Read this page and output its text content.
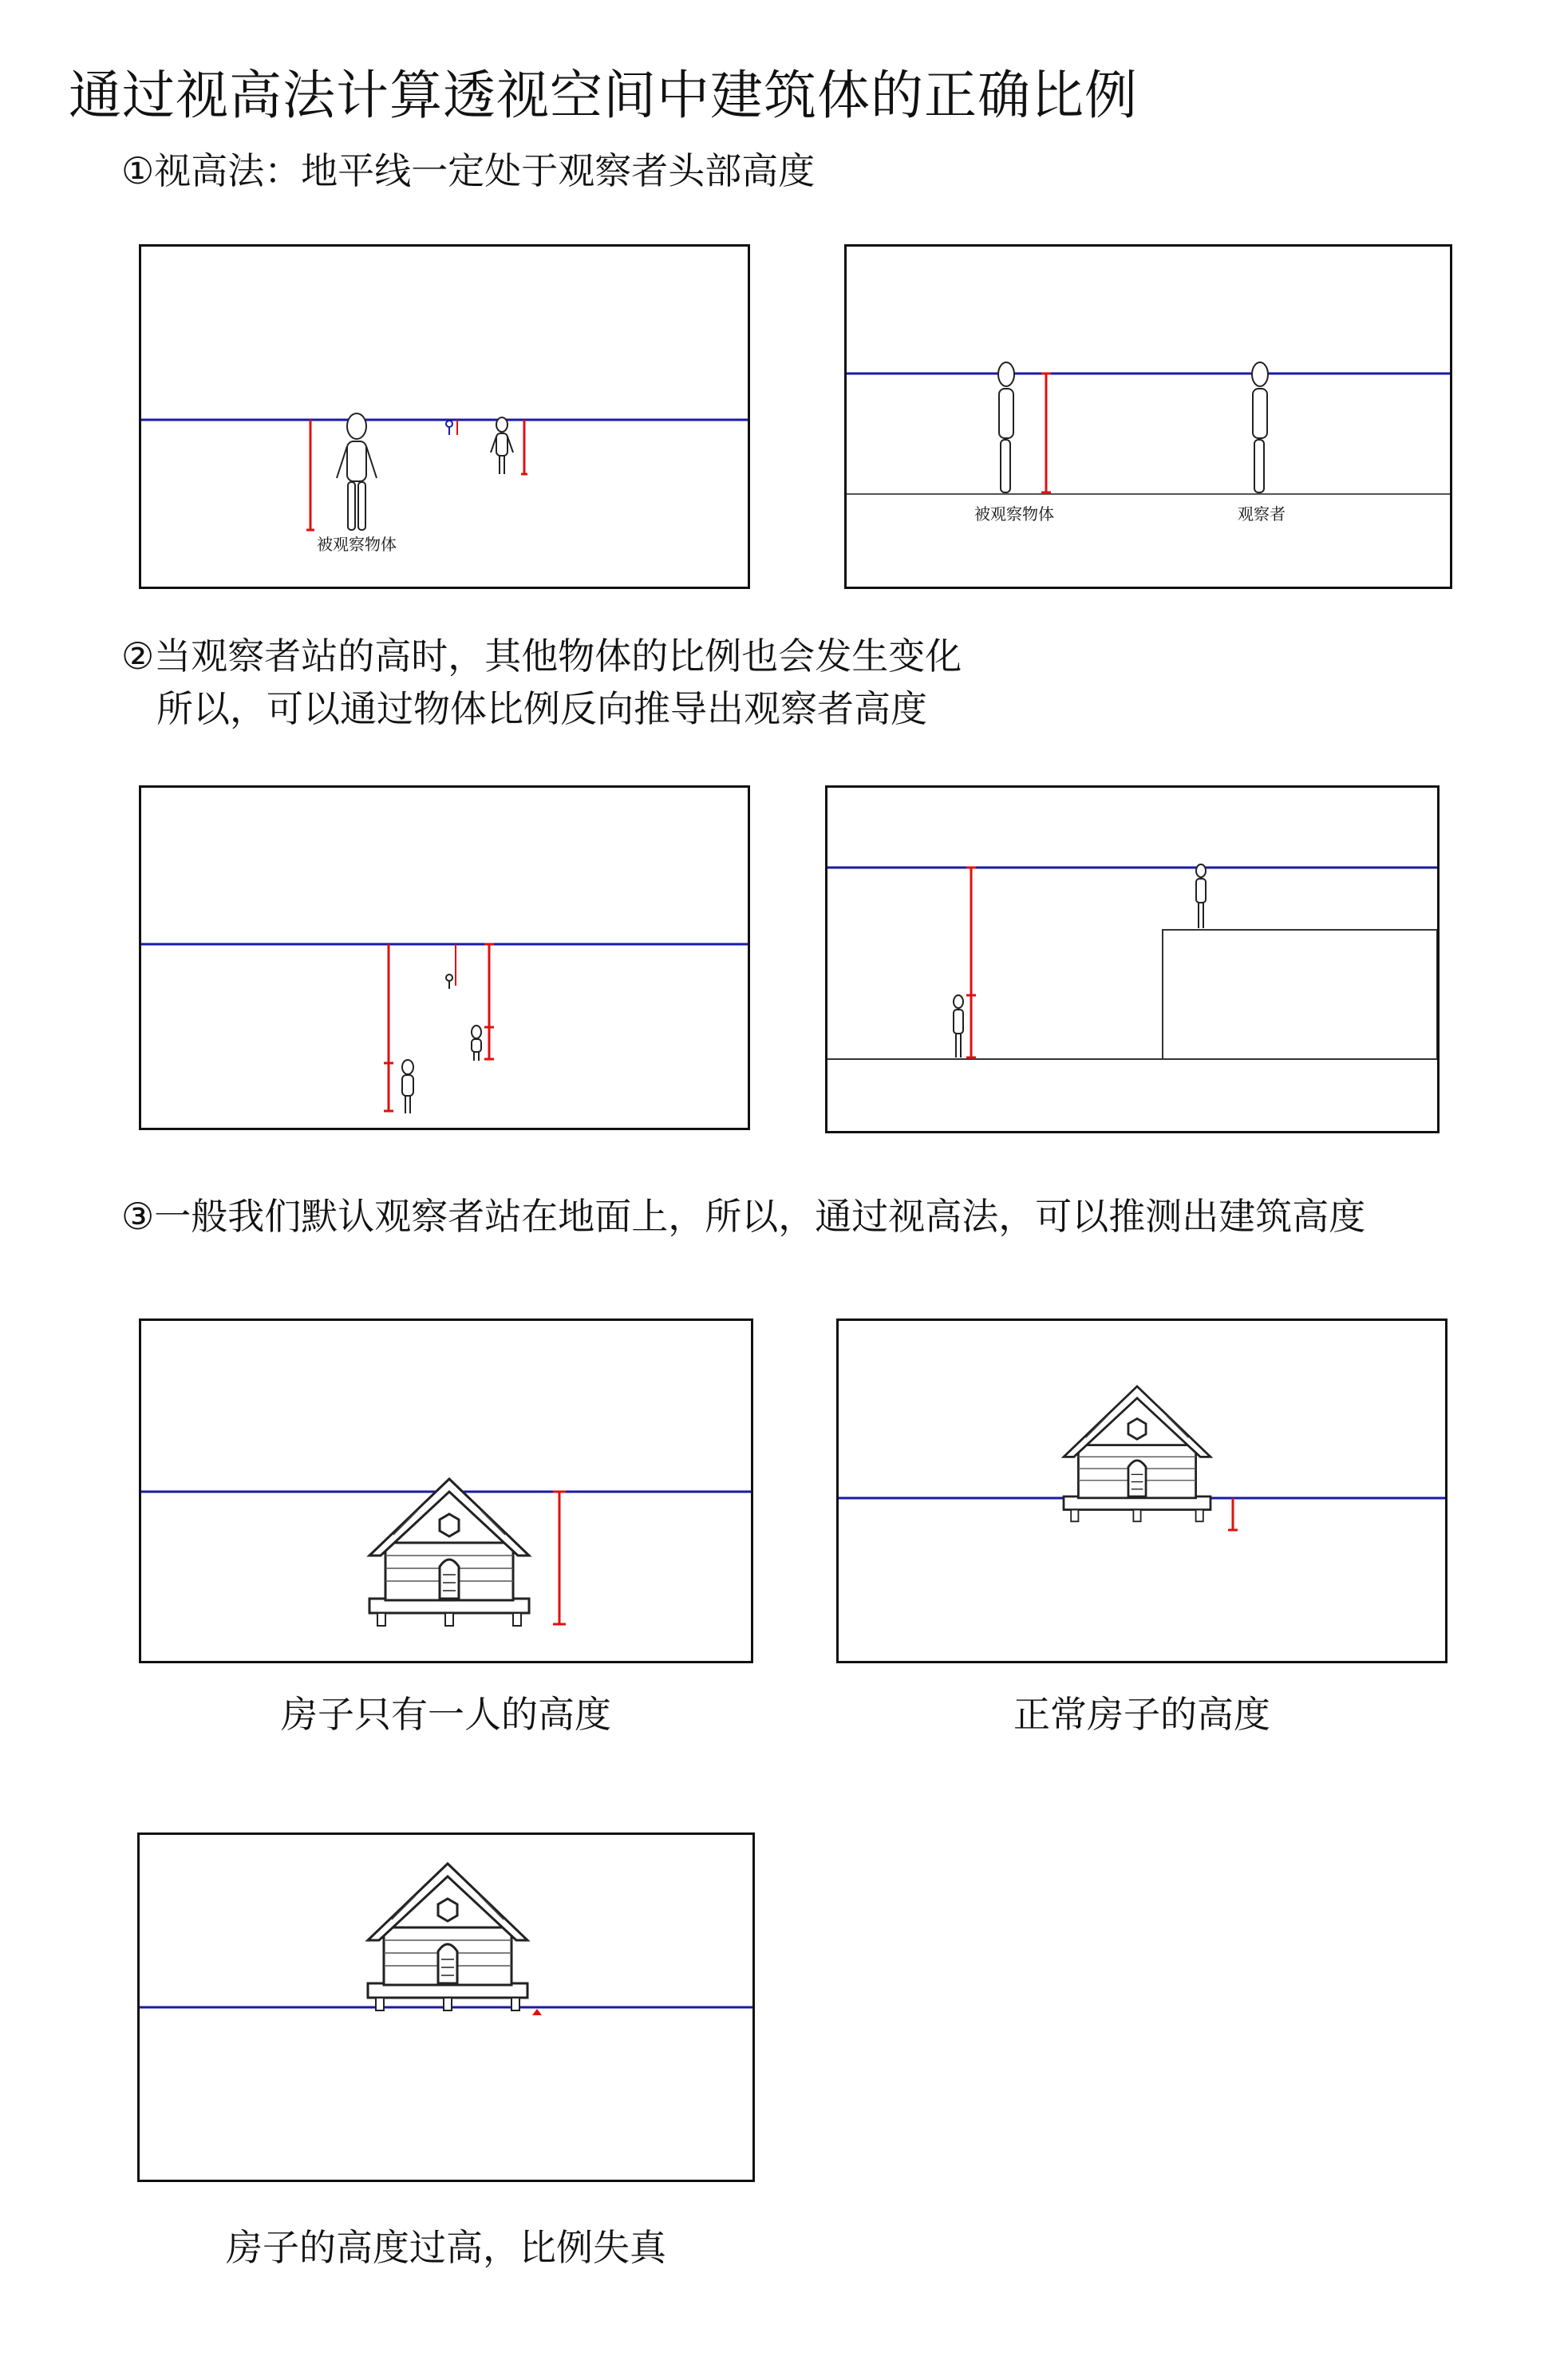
通过视高法计算透视空间中建筑体的正确比例
①视高法：地平线一定处于观察者头部高度
被观察物体
被观察物体	观察者
②当观察者站的高时，其他物体的比例也会发生变化
所以，可以通过物体比例反向推导出观察者高度
③一般我们默认观察者站在地面上，所以，通过视高法，可以推测出建筑高度
房子只有一人的高度	正常房子的高度
房子的高度过高，比例失真
